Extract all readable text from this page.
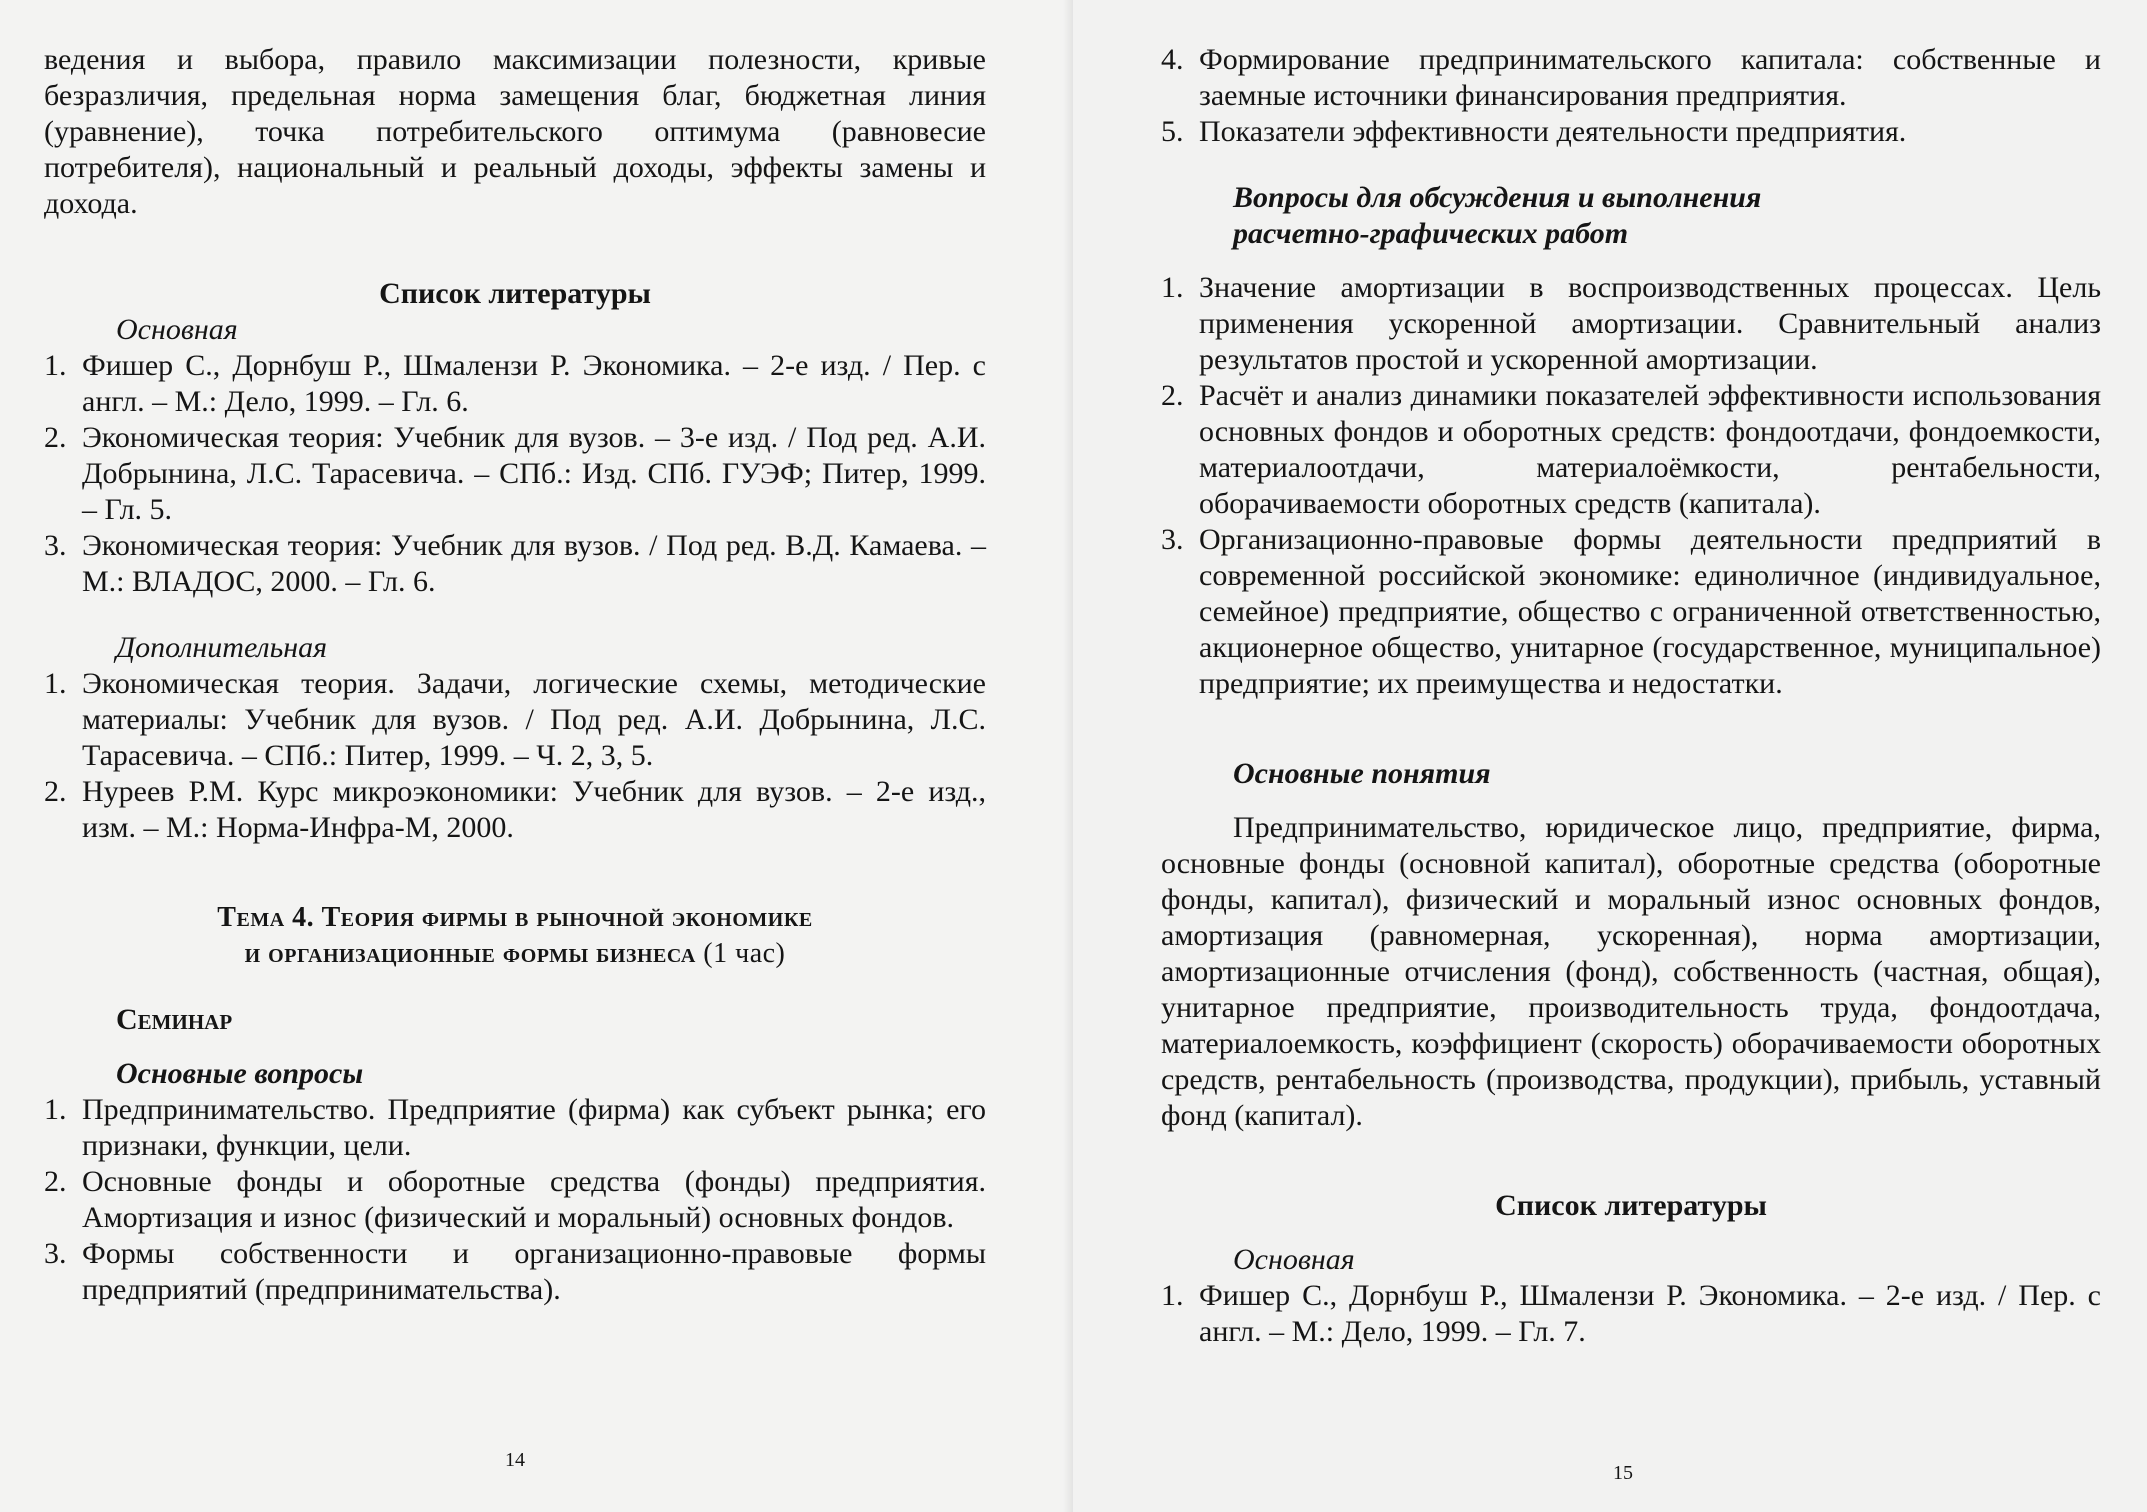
ведения и выбора, правило максимизации полезности, кривые безразличия, предельная норма замещения благ, бюджетная линия (уравнение), точка потребительского оптимума (равновесие потребителя), национальный и реальный доходы, эффекты замены и дохода.

Список литературы
Основная
1. Фишер С., Дорнбуш Р., Шмалензи Р. Экономика. – 2-е изд. / Пер. с англ. – М.: Дело, 1999. – Гл. 6.
2. Экономическая теория: Учебник для вузов. – 3-е изд. / Под ред. А.И. Добрынина, Л.С. Тарасевича. – СПб.: Изд. СПб. ГУЭФ; Питер, 1999. – Гл. 5.
3. Экономическая теория: Учебник для вузов. / Под ред. В.Д. Камаева. – М.: ВЛАДОС, 2000. – Гл. 6.
Дополнительная
1. Экономическая теория. Задачи, логические схемы, методические материалы: Учебник для вузов. / Под ред. А.И. Добрынина, Л.С. Тарасевича. – СПб.: Питер, 1999. – Ч. 2, 3, 5.
2. Нуреев Р.М. Курс микроэкономики: Учебник для вузов. – 2-е изд., изм. – М.: Норма-Инфра-М, 2000.
Тема 4. Теория фирмы в рыночной экономике
и организационные формы бизнеса (1 час)
Семинар
Основные вопросы
1. Предпринимательство. Предприятие (фирма) как субъект рынка; его признаки, функции, цели.
2. Основные фонды и оборотные средства (фонды) предприятия. Амортизация и износ (физический и моральный) основных фондов.
3. Формы собственности и организационно-правовые формы предприятий (предпринимательства).
14
4. Формирование предпринимательского капитала: собственные и заемные источники финансирования предприятия.
5. Показатели эффективности деятельности предприятия.
Вопросы для обсуждения и выполнения
расчетно-графических работ
1. Значение амортизации в воспроизводственных процессах. Цель применения ускоренной амортизации. Сравнительный анализ результатов простой и ускоренной амортизации.
2. Расчёт и анализ динамики показателей эффективности использования основных фондов и оборотных средств: фондоотдачи, фондоемкости, материалоотдачи, материалоёмкости, рентабельности, оборачиваемости оборотных средств (капитала).
3. Организационно-правовые формы деятельности предприятий в современной российской экономике: единоличное (индивидуальное, семейное) предприятие, общество с ограниченной ответственностью, акционерное общество, унитарное (государственное, муниципальное) предприятие; их преимущества и недостатки.
Основные понятия

Предпринимательство, юридическое лицо, предприятие, фирма, основные фонды (основной капитал), оборотные средства (оборотные фонды, капитал), физический и моральный износ основных фондов, амортизация (равномерная, ускоренная), норма амортизации, амортизационные отчисления (фонд), собственность (частная, общая), унитарное предприятие, производительность труда, фондоотдача, материалоемкость, коэффициент (скорость) оборачиваемости оборотных средств, рентабельность (производства, продукции), прибыль, уставный фонд (капитал).

Список литературы
Основная
1. Фишер С., Дорнбуш Р., Шмалензи Р. Экономика. – 2-е изд. / Пер. с англ. – М.: Дело, 1999. – Гл. 7.
15
